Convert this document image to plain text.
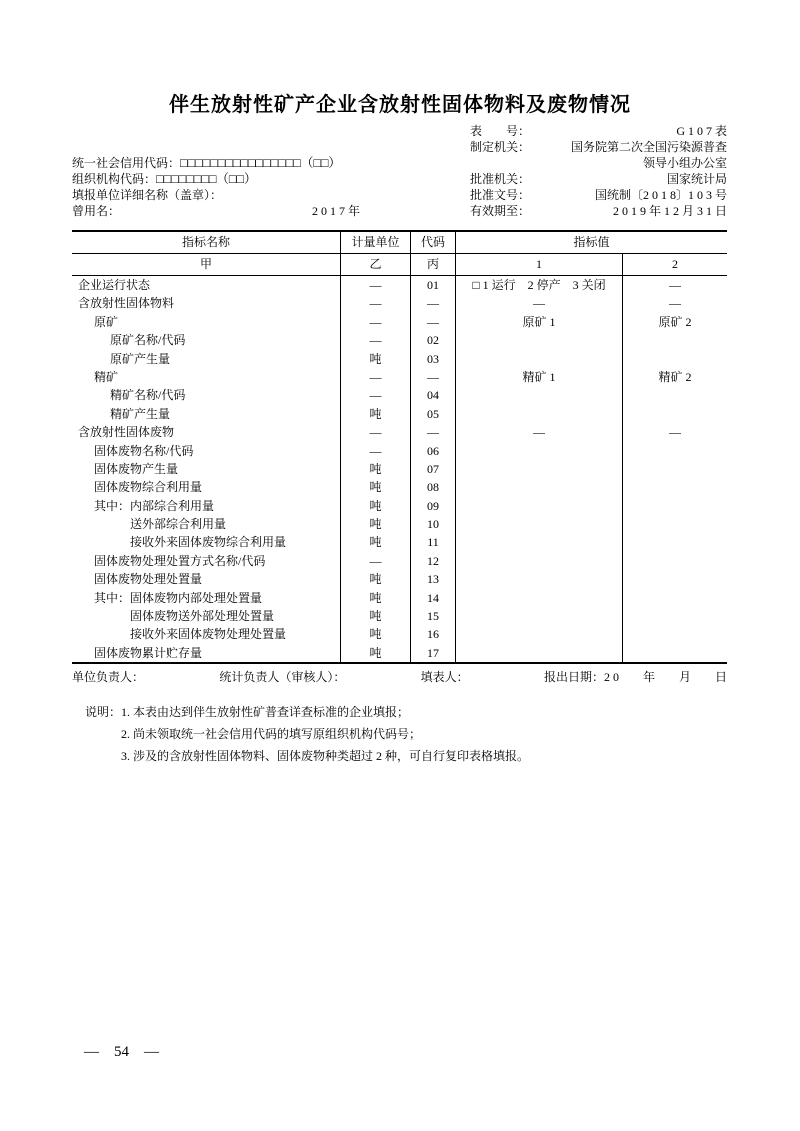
伴生放射性矿产企业含放射性固体物料及废物情况
表　　号：	G 1 0 7 表
制定机关：	国务院第二次全国污染源普查
统一社会信用代码： □□□□□□□□□□□□□□□□（□□）	领导小组办公室
组织机构代码： □□□□□□□□（□□）	批准机关：	国家统计局
填报单位详细名称（盖章）：	批准文号：	国统制〔2 0 1 8〕1 0 3 号
曾用名：	2 0 1 7 年	有效期至：	2 0 1 9 年 1 2 月 3 1 日
指标名称	计量单位	代码	指标值
甲	乙	丙	1	2
企业运行状态	—	01	□ 1 运行　2 停产　3 关闭	—
含放射性固体物料	—	—	—	—
原矿	—	—	原矿 1	原矿 2
原矿名称/代码	—	02
原矿产生量	吨	03
精矿	—	—	精矿 1	精矿 2
精矿名称/代码	—	04
精矿产生量	吨	05
含放射性固体废物	—	—	—	—
固体废物名称/代码	—	06
固体废物产生量	吨	07
固体废物综合利用量	吨	08
其中：内部综合利用量	吨	09
送外部综合利用量	吨	10
接收外来固体废物综合利用量	吨	11
固体废物处理处置方式名称/代码	—	12
固体废物处理处置量	吨	13
其中：固体废物内部处理处置量	吨	14
固体废物送外部处理处置量	吨	15
接收外来固体废物处理处置量	吨	16
固体废物累计贮存量	吨	17
单位负责人：	统计负责人（审核人）：	填表人：	报出日期：2 0　　年　　月　　日
说明： 1. 本表由达到伴生放射性矿普查详查标准的企业填报；
2. 尚未领取统一社会信用代码的填写原组织机构代码号；
3. 涉及的含放射性固体物料、固体废物种类超过 2 种，可自行复印表格填报。
—　54　—
